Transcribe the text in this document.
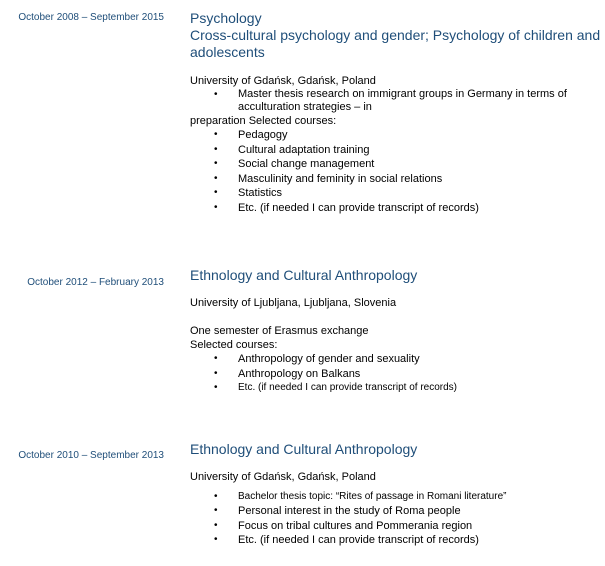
October 2008 – September 2015 Psychology
Cross-cultural psychology and gender; Psychology of children and adolescents
University of Gdańsk, Gdańsk, Poland
• Master thesis research on immigrant groups in Germany in terms of acculturation strategies – in
preparation Selected courses:
• Pedagogy
• Cultural adaptation training
• Social change management
• Masculinity and feminity in social relations
• Statistics
• Etc. (if needed I can provide transcript of records)
October 2012 – February 2013 Ethnology and Cultural Anthropology
University of Ljubljana, Ljubljana, Slovenia
One semester of Erasmus exchange
Selected courses:
• Anthropology of gender and sexuality
• Anthropology on Balkans
• Etc. (if needed I can provide transcript of records)
October 2010 – September 2013 Ethnology and Cultural Anthropology
University of Gdańsk, Gdańsk, Poland
• Bachelor thesis topic: “Rites of passage in Romani literature”
• Personal interest in the study of Roma people
• Focus on tribal cultures and Pommerania region
• Etc. (if needed I can provide transcript of records)
